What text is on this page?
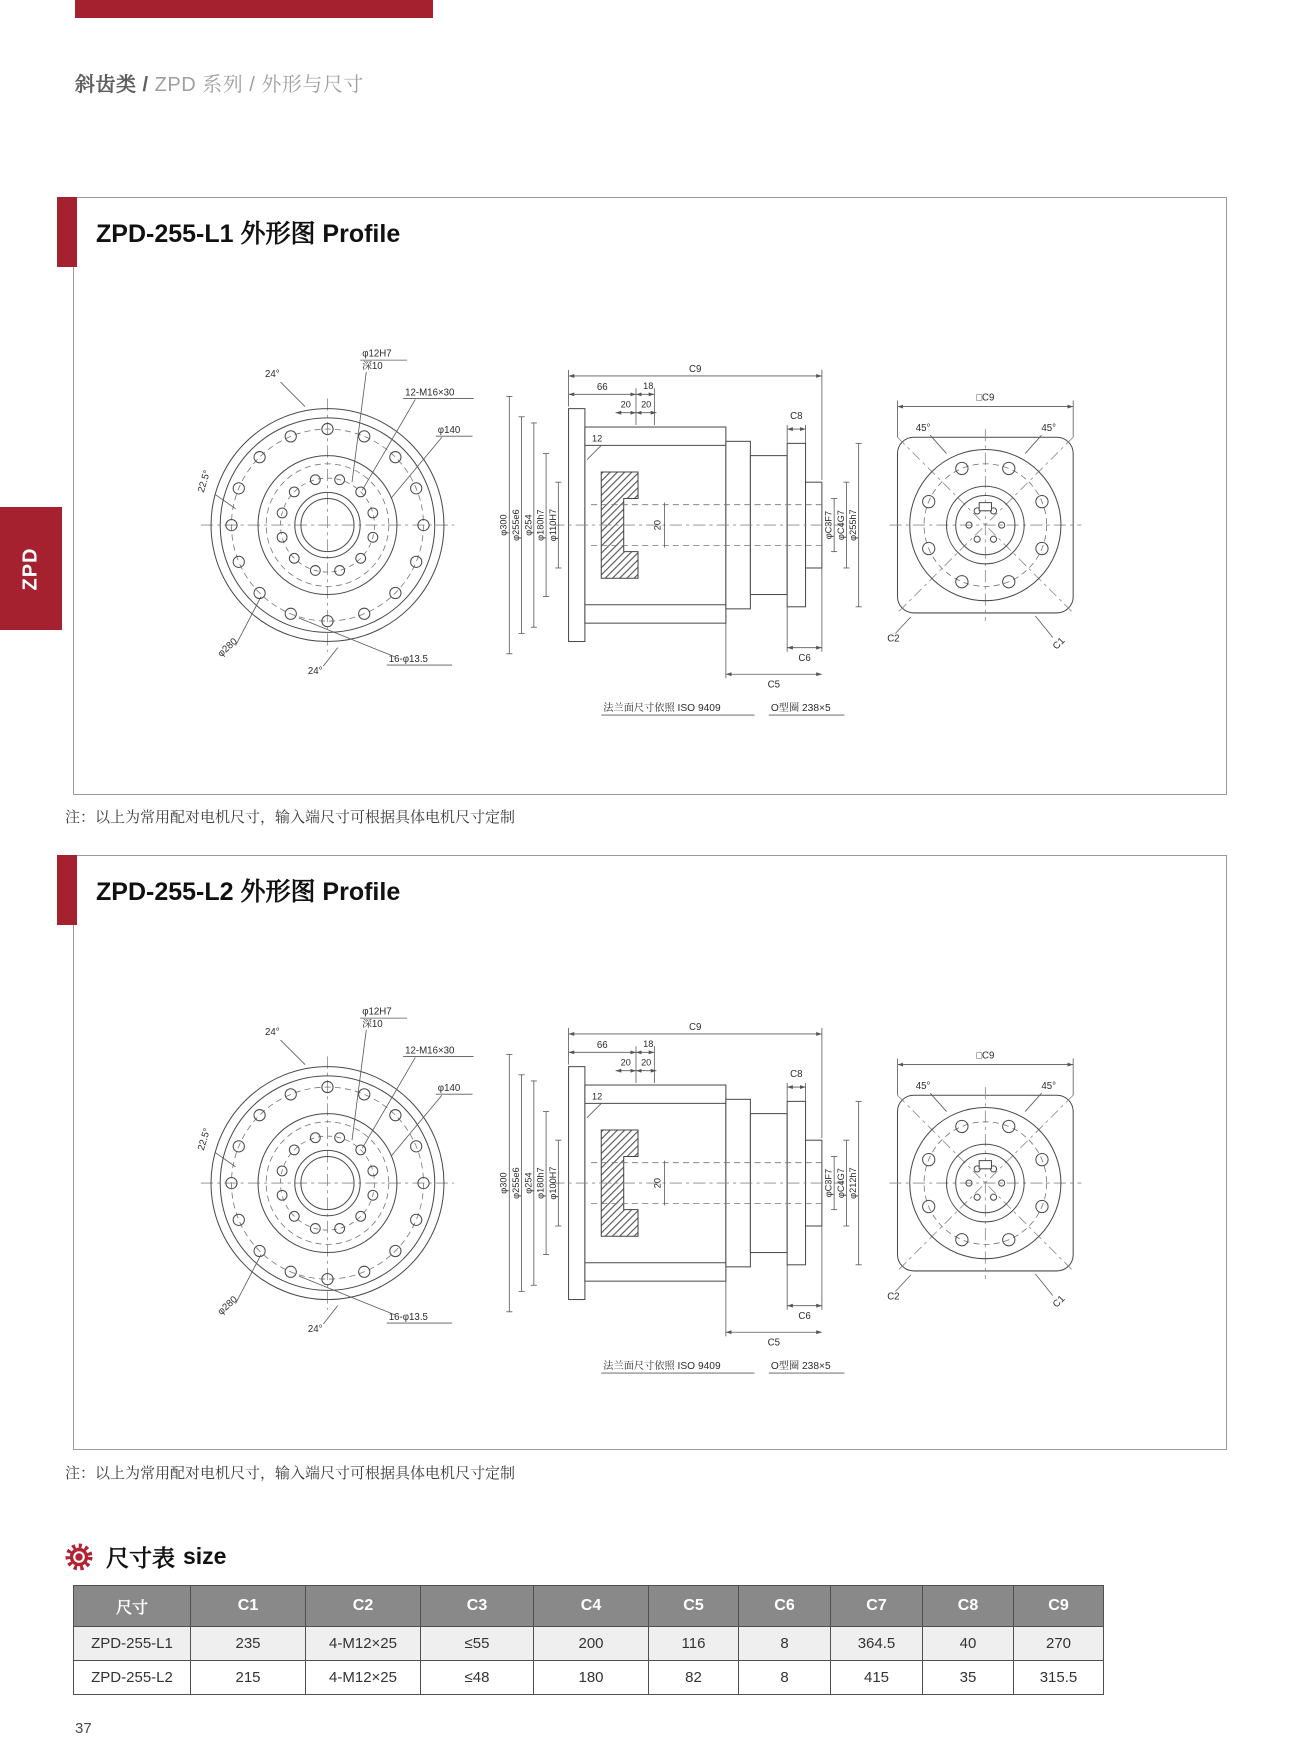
斜齿类 / ZPD 系列 / 外形与尺寸
ZPD
ZPD-255-L1 外形图 Profile
24°
φ12H7
深10
12-M16×30
φ140
22.5°
φ280
24°
16-φ13.5
C9
66	18
20 20
12
20
φ300 φ255e6 φ254 φ180h7 φ110H7
C8
φC3F7 φC4G7 φ255h7
C6
C5
法兰面尺寸依照 ISO 9409	O型圈 238×5
□C9
45°	45°
C2	C1
注：以上为常用配对电机尺寸，输入端尺寸可根据具体电机尺寸定制
ZPD-255-L2 外形图 Profile
24°
φ12H7
深10
12-M16×30
φ140
22.5°
φ280
24°
16-φ13.5
C9
66	18
20 20
12
20
φ300 φ255e6 φ254 φ180h7 φ100H7
C8
φC3F7 φC4G7 φ212h7
C6
C5
法兰面尺寸依照 ISO 9409	O型圈 238×5
□C9
45°	45°
C2	C1
注：以上为常用配对电机尺寸，输入端尺寸可根据具体电机尺寸定制
尺寸表 size
尺寸	C1	C2	C3	C4	C5	C6	C7	C8	C9
ZPD-255-L1	235	4-M12×25	≤55	200	116	8	364.5	40	270
ZPD-255-L2	215	4-M12×25	≤48	180	82	8	415	35	315.5
37
